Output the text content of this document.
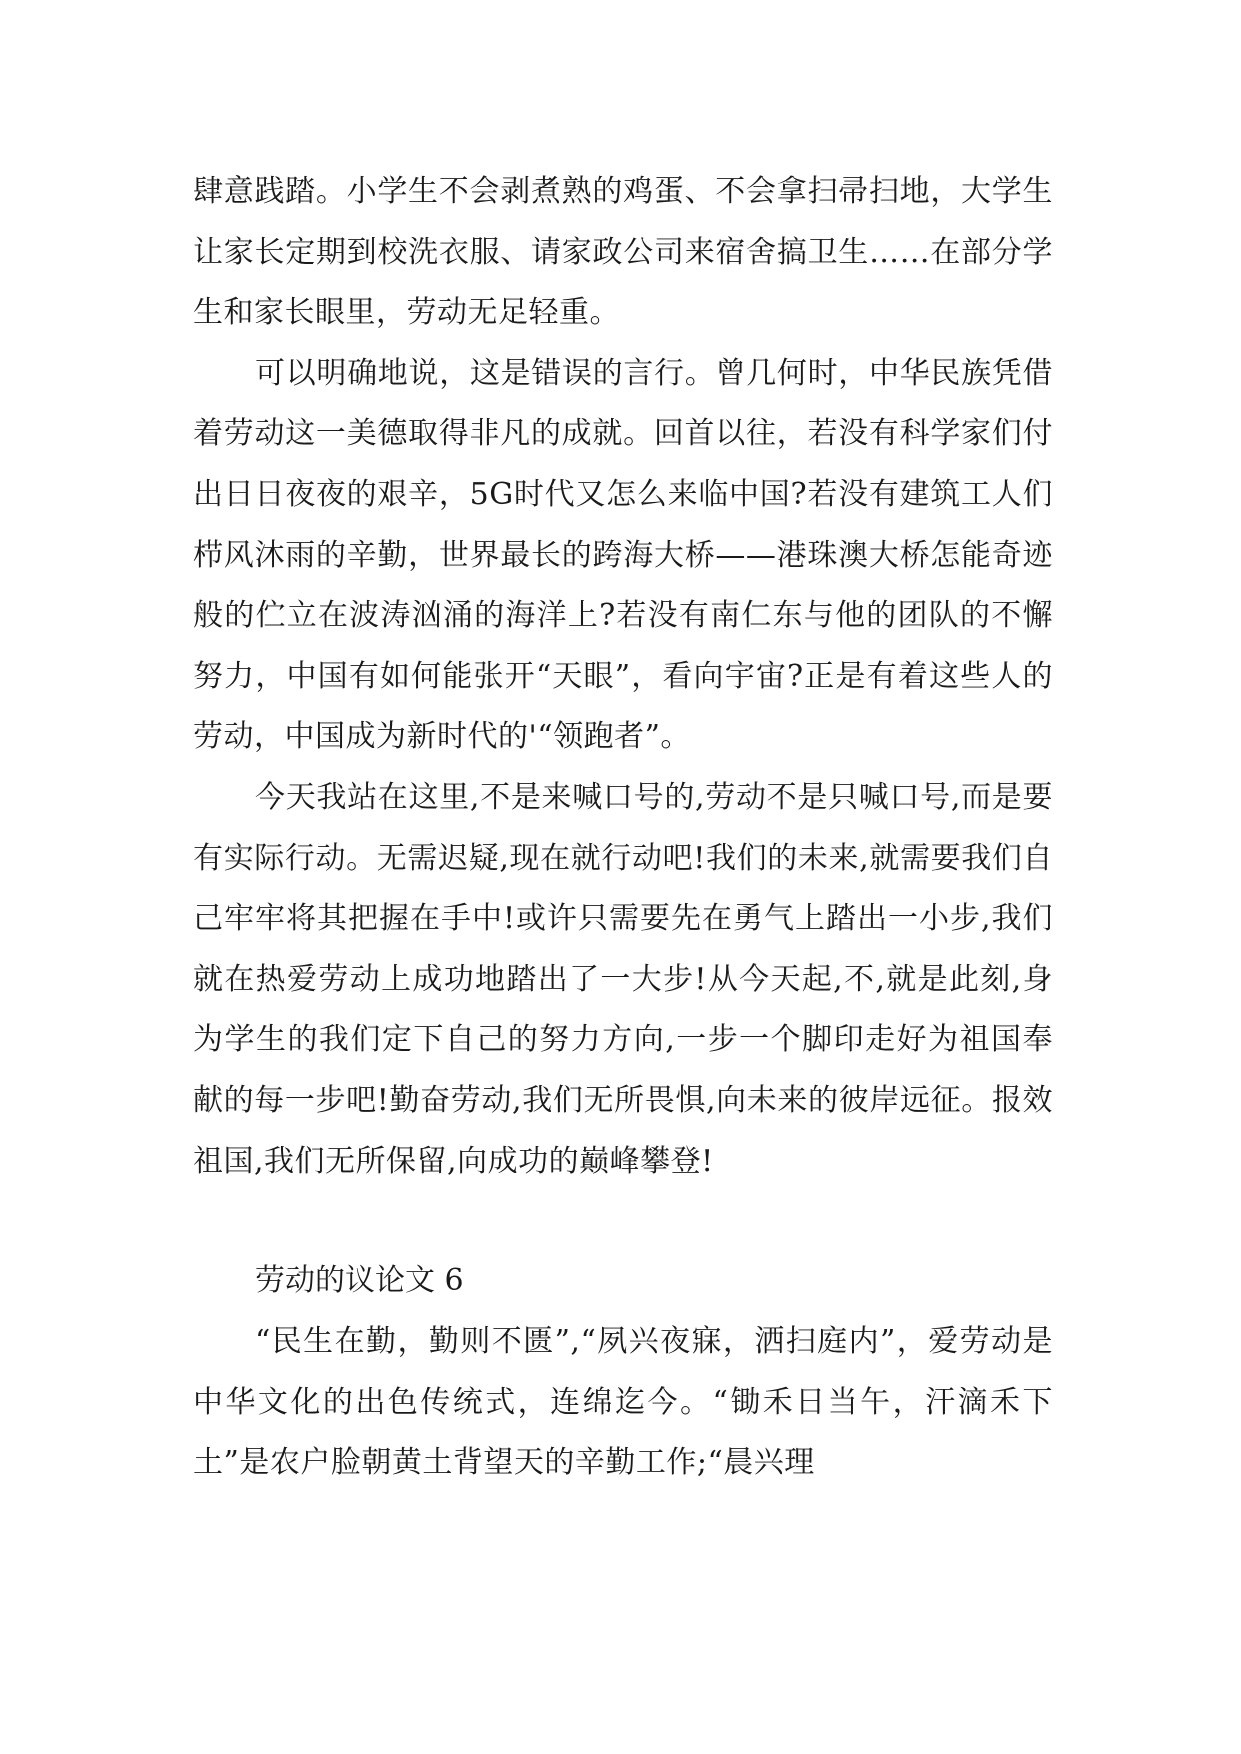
肆意践踏。小学生不会剥煮熟的鸡蛋、不会拿扫帚扫地，大学生让家长定期到校洗衣服、请家政公司来宿舍搞卫生……在部分学生和家长眼里，劳动无足轻重。

可以明确地说，这是错误的言行。曾几何时，中华民族凭借着劳动这一美德取得非凡的成就。回首以往，若没有科学家们付出日日夜夜的艰辛，5G时代又怎么来临中国?若没有建筑工人们栉风沐雨的辛勤，世界最长的跨海大桥——港珠澳大桥怎能奇迹般的伫立在波涛汹涌的海洋上?若没有南仁东与他的团队的不懈努力，中国有如何能张开“天眼”，看向宇宙?正是有着这些人的劳动，中国成为新时代的'“领跑者”。

今天我站在这里,不是来喊口号的,劳动不是只喊口号,而是要有实际行动。无需迟疑,现在就行动吧!我们的未来,就需要我们自己牢牢将其把握在手中!或许只需要先在勇气上踏出一小步,我们就在热爱劳动上成功地踏出了一大步!从今天起,不,就是此刻,身为学生的我们定下自己的努力方向,一步一个脚印走好为祖国奉献的每一步吧!勤奋劳动,我们无所畏惧,向未来的彼岸远征。报效祖国,我们无所保留,向成功的巅峰攀登!

劳动的议论文 6

“民生在勤，勤则不匮”,“夙兴夜寐，洒扫庭内”，爱劳动是中华文化的出色传统式，连绵迄今。“锄禾日当午，汗滴禾下土”是农户脸朝黄土背望天的辛勤工作;“晨兴理
